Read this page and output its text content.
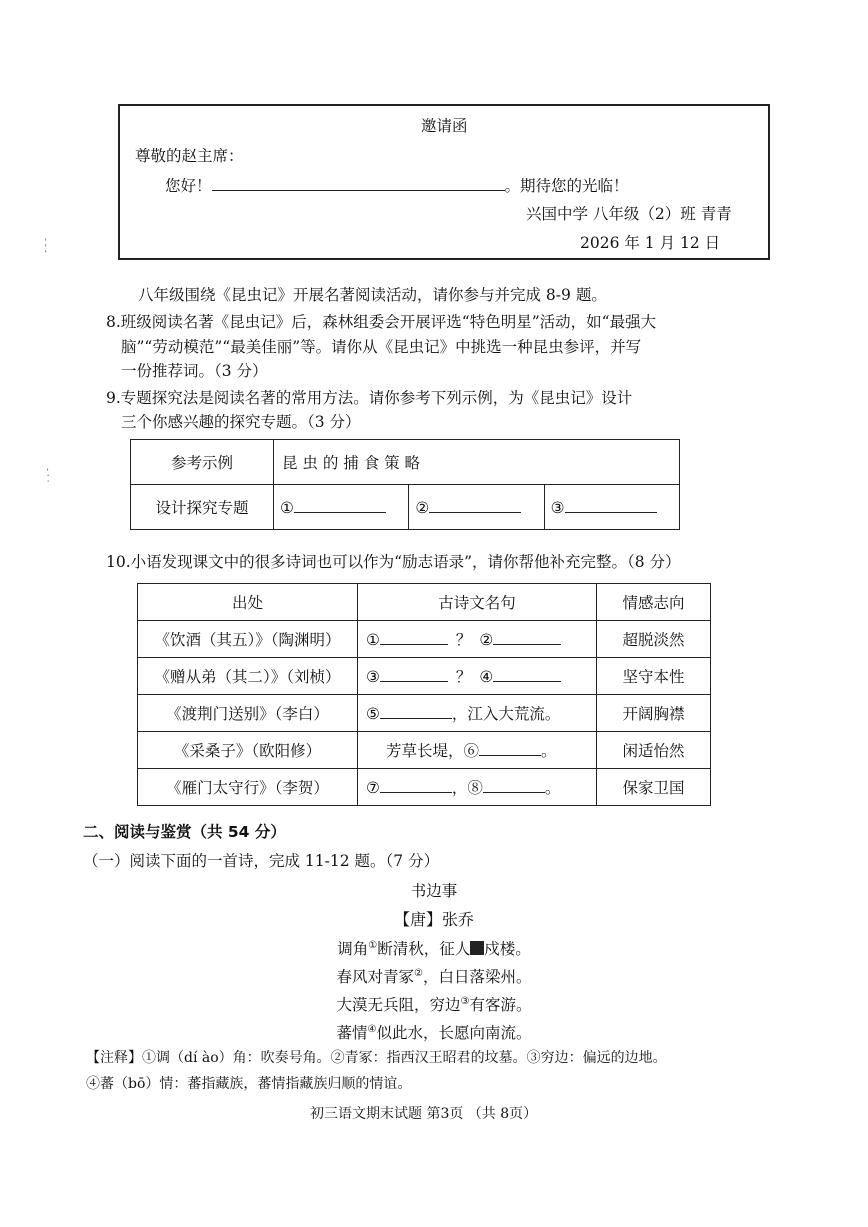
邀请函
尊敬的赵主席：
您好！	。期待您的光临！
兴国中学 八年级（2）班 青青
2026 年 1 月 12 日
- - -
- · ·
八年级围绕《昆虫记》开展名著阅读活动，请你参与并完成 8-9 题。
8.班级阅读名著《昆虫记》后，森林组委会开展评选“特色明星”活动，如“最强大
脑”“劳动模范”“最美佳丽”等。请你从《昆虫记》中挑选一种昆虫参评，并写
一份推荐词。（3 分）
9.专题探究法是阅读名著的常用方法。请你参考下列示例，为《昆虫记》设计
三个你感兴趣的探究专题。（3 分）
参考示例	昆 虫 的 捕 食 策 略		
设计探究专题	①	②	③
10.小语发现课文中的很多诗词也可以作为“励志语录”，请你帮他补充完整。（8 分）
出处	古诗文名句	情感志向
《饮酒（其五）》（陶渊明）	① ？ ②	超脱淡然
《赠从弟（其二）》（刘桢）	③ ？ ④	坚守本性
《渡荆门送别》（李白）	⑤ ，江入大荒流。	开阔胸襟
《采桑子》（欧阳修）	芳草长堤，⑥ 。	闲适怡然
《雁门太守行》（李贺）	⑦ ，⑧ 。	保家卫国
二、阅读与鉴赏（共 54 分）
（一）阅读下面的一首诗，完成 11-12 题。（7 分）
书边事
【唐】张乔
调角①断清秋，征人 戍楼。
春风对青冢②，白日落梁州。
大漠无兵阻，穷边③有客游。
蕃情④似此水，长愿向南流。
【注释】①调（dí ào）角：吹奏号角。②青冢：指西汉王昭君的坟墓。③穷边：偏远的边地。
④蕃（bō）情：蕃指藏族，蕃情指藏族归顺的情谊。
初三语文期末试题 第3页 （共 8页）
